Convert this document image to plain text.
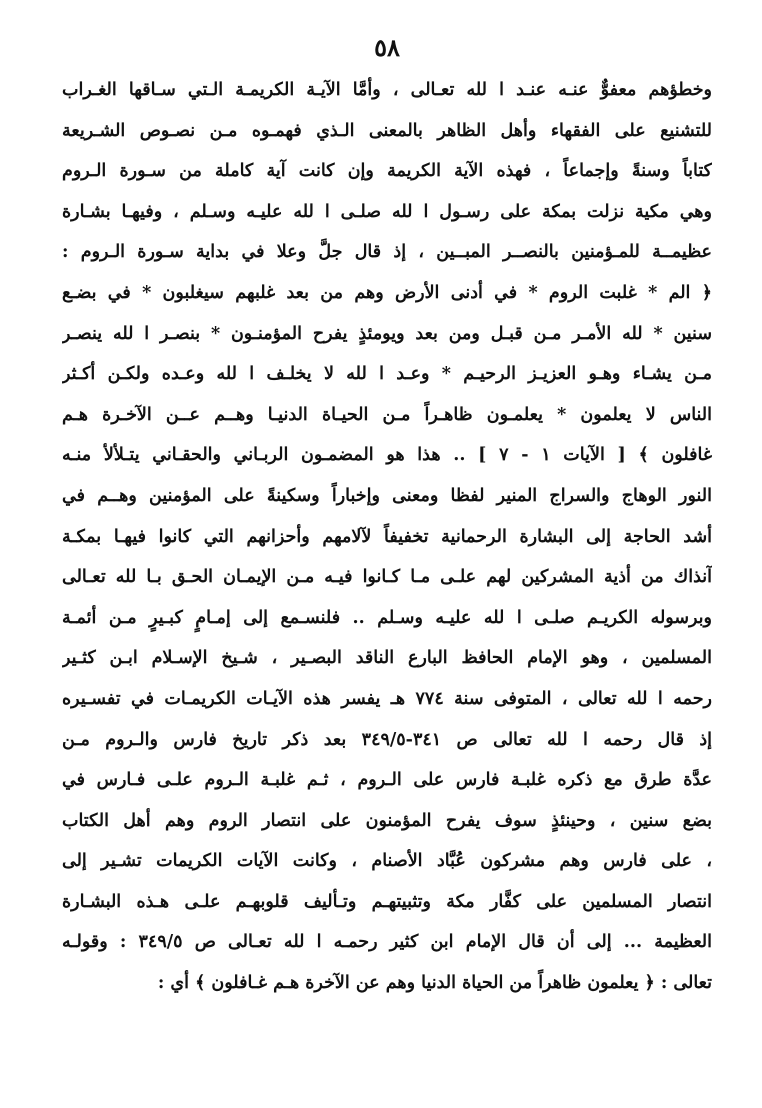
٥٨
وخطؤهم معفوٌّ عنـه عنـد ا لله تعـالى ، وأمَّا الآيـة الكريمـة الـتي سـاقها الغـراب
للتشنيع على الفقهاء وأهل الظاهر بالمعنى الـذي فهمـوه مـن نصـوص الشـريعة
كتاباً وسنةً وإجماعاً ، فهذه الآية الكريمة وإن كانت آية كاملة من سـورة الـروم
وهي مكية نزلت بمكة على رسـول ا لله صلـى ا لله عليـه وسـلم ، وفيهـا بشـارة
عظيمــة للمـؤمنين بالنصــر المبــين ، إذ قال جلَّ وعلا في بداية سـورة الـروم :
﴿ الم * غلبت الروم * في أدنى الأرض وهم من بعد غلبهم سيغلبون * في بضـع
سنين * لله الأمـر مـن قبـل ومن بعد ويومئذٍ يفرح المؤمنـون * بنصـر ا لله ينصـر
مـن يشـاء وهـو العزيـز الرحيـم * وعـد ا لله لا يخلـف ا لله وعـده ولكـن أكـثر
الناس لا يعلمون * يعلمـون ظاهـراً مـن الحيـاة الدنيـا وهــم عــن الآخـرة هـم
غافلون ﴾ [ الآيات ١ - ٧ ] .. هذا هو المضمـون الربـاني والحقـاني يتـلألأ منـه
النور الوهاج والسراج المنير لفظا ومعنى وإخباراً وسكينةً على المؤمنين وهــم في
أشد الحاجة إلى البشارة الرحمانية تخفيفاً لآلامهم وأحزانهم التي كانوا فيهـا بمكـة
آنذاك من أذية المشركين لهم علـى مـا كـانوا فيـه مـن الإيمـان الحـق بـا لله تعـالى
وبرسوله الكريـم صلـى ا لله عليـه وسـلم .. فلنسـمع إلى إمـامٍ كبـيرٍ مـن أئمـة
المسلمين ، وهو الإمام الحافظ البارع الناقد البصـير ، شـيخ الإسـلام ابـن كثـير
رحمه ا لله تعالى ، المتوفى سنة ٧٧٤ هـ يفسر هذه الآيـات الكريمـات في تفسـيره
إذ قال رحمه ا لله تعالى ص ٣٤١-٣٤٩/٥ بعد ذكر تاريخ فارس والـروم مـن
عدَّة طرق مع ذكره غلبـة فارس على الـروم ، ثـم غلبـة الـروم علـى فـارس في
بضع سنين ، وحينئذٍ سوف يفرح المؤمنون على انتصار الروم وهم أهل الكتاب
، على فارس وهم مشركون عُبَّاد الأصنام ، وكانت الآيات الكريمات تشـير إلى
انتصار المسلمين على كفَّار مكة وتثبيتهـم وتـأليف قلوبهـم علـى هـذه البشـارة
العظيمة ... إلى أن قال الإمام ابن كثير رحمـه ا لله تعـالى ص ٣٤٩/٥ : وقولـه
تعالى : ﴿ يعلمون ظاهراً من الحياة الدنيا وهم عن الآخرة هـم غـافلون ﴾ أي :
